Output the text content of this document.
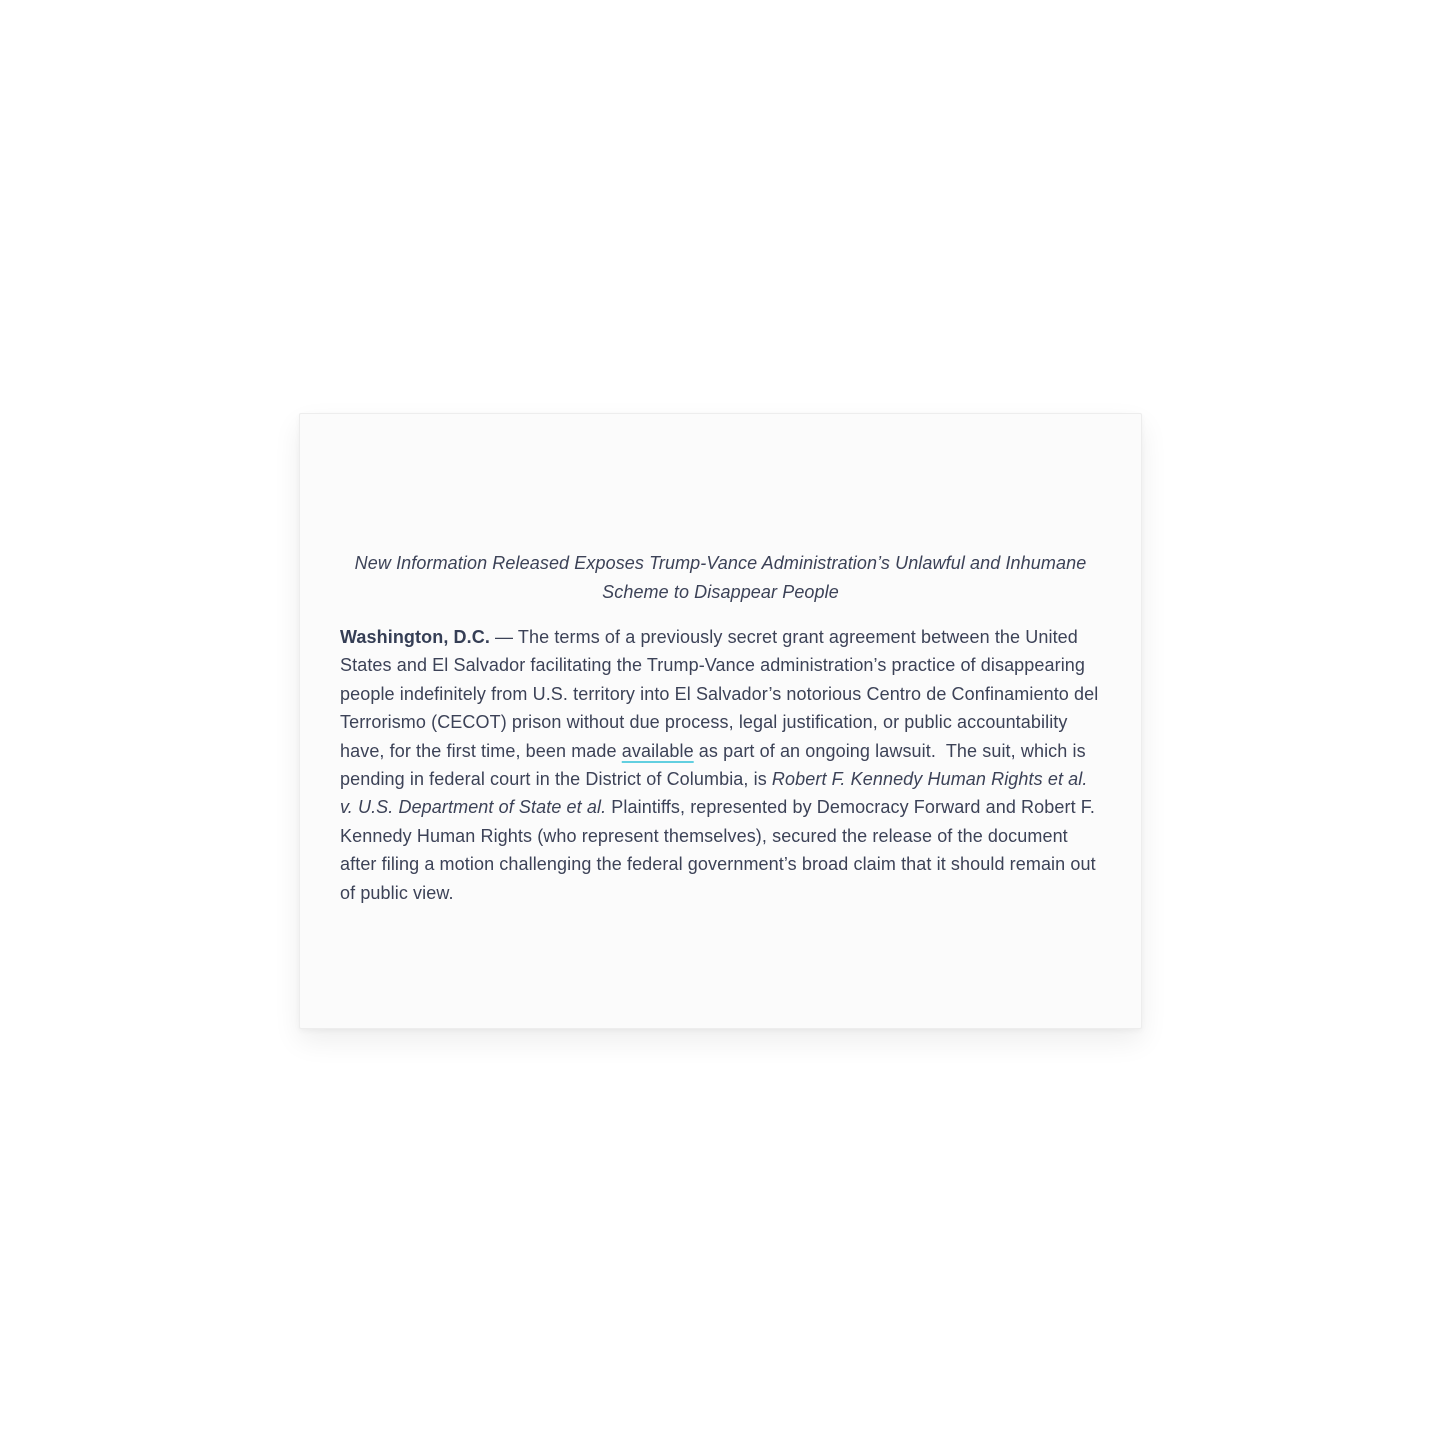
New Information Released Exposes Trump-Vance Administration’s Unlawful and Inhumane Scheme to Disappear People

Washington, D.C. — The terms of a previously secret grant agreement between the United States and El Salvador facilitating the Trump-Vance administration’s practice of disappearing people indefinitely from U.S. territory into El Salvador’s notorious Centro de Confinamiento del Terrorismo (CECOT) prison without due process, legal justification, or public accountability have, for the first time, been made available as part of an ongoing lawsuit.  The suit, which is pending in federal court in the District of Columbia, is Robert F. Kennedy Human Rights et al. v. U.S. Department of State et al. Plaintiffs, represented by Democracy Forward and Robert F. Kennedy Human Rights (who represent themselves), secured the release of the document after filing a motion challenging the federal government’s broad claim that it should remain out of public view.
